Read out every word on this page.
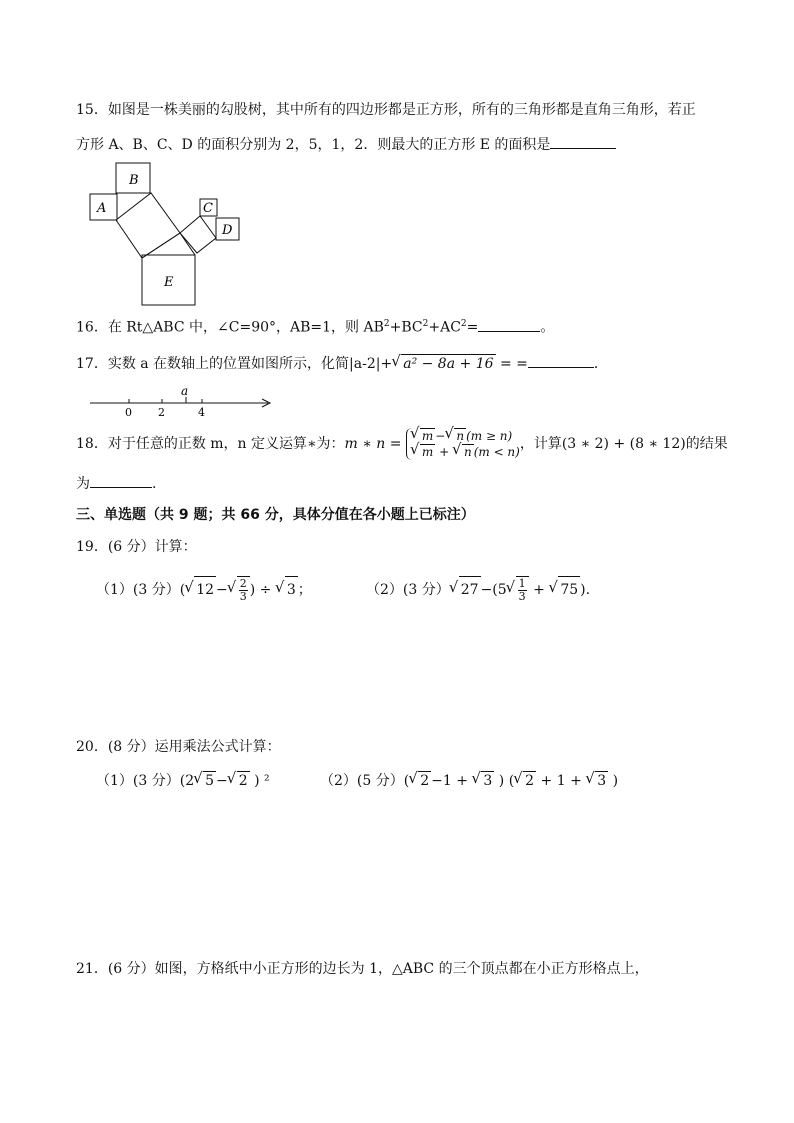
15．如图是一株美丽的勾股树，其中所有的四边形都是正方形，所有的三角形都是直角三角形，若正
方形 A、B、C、D 的面积分别为 2，5，1，2．则最大的正方形 E 的面积是
B
A	C
D
E
16．在 Rt△ABC 中，∠C=90°，AB=1，则 $AB^2+BC^2+AC^2=$	。
17．实数 a 在数轴上的位置如图所示，化简|a-2|+ √ a² − 8a + 16 = =	．
0 2	4
a
18．对于任意的正数 m，n 定义运算∗为：m ∗ n =	√ m − √ n (m ≥ n)
√ m + √ n (m < n) ，计算(3 ∗ 2) + (8 ∗ 12)的结果
为	.
三、单选题（共 9 题；共 66 分，具体分值在各小题上已标注）
19．(6 分）计算：
（1）(3 分）( √ 12 − √ $\frac{2}{3}$ ) ÷ √ 3 ；	（2）(3 分） √ 27 −(5 √ $\frac{1}{3}$ + √ 75 ).
20．(8 分）运用乘法公式计算：
（1）(3 分）(2 √ 5 − √ 2 ) ²	（2）(5 分）( √ 2 −1 + √ 3 ) ( √ 2 + 1 + √ 3 )
21．(6 分）如图，方格纸中小正方形的边长为 1，△ABC 的三个顶点都在小正方形格点上，
